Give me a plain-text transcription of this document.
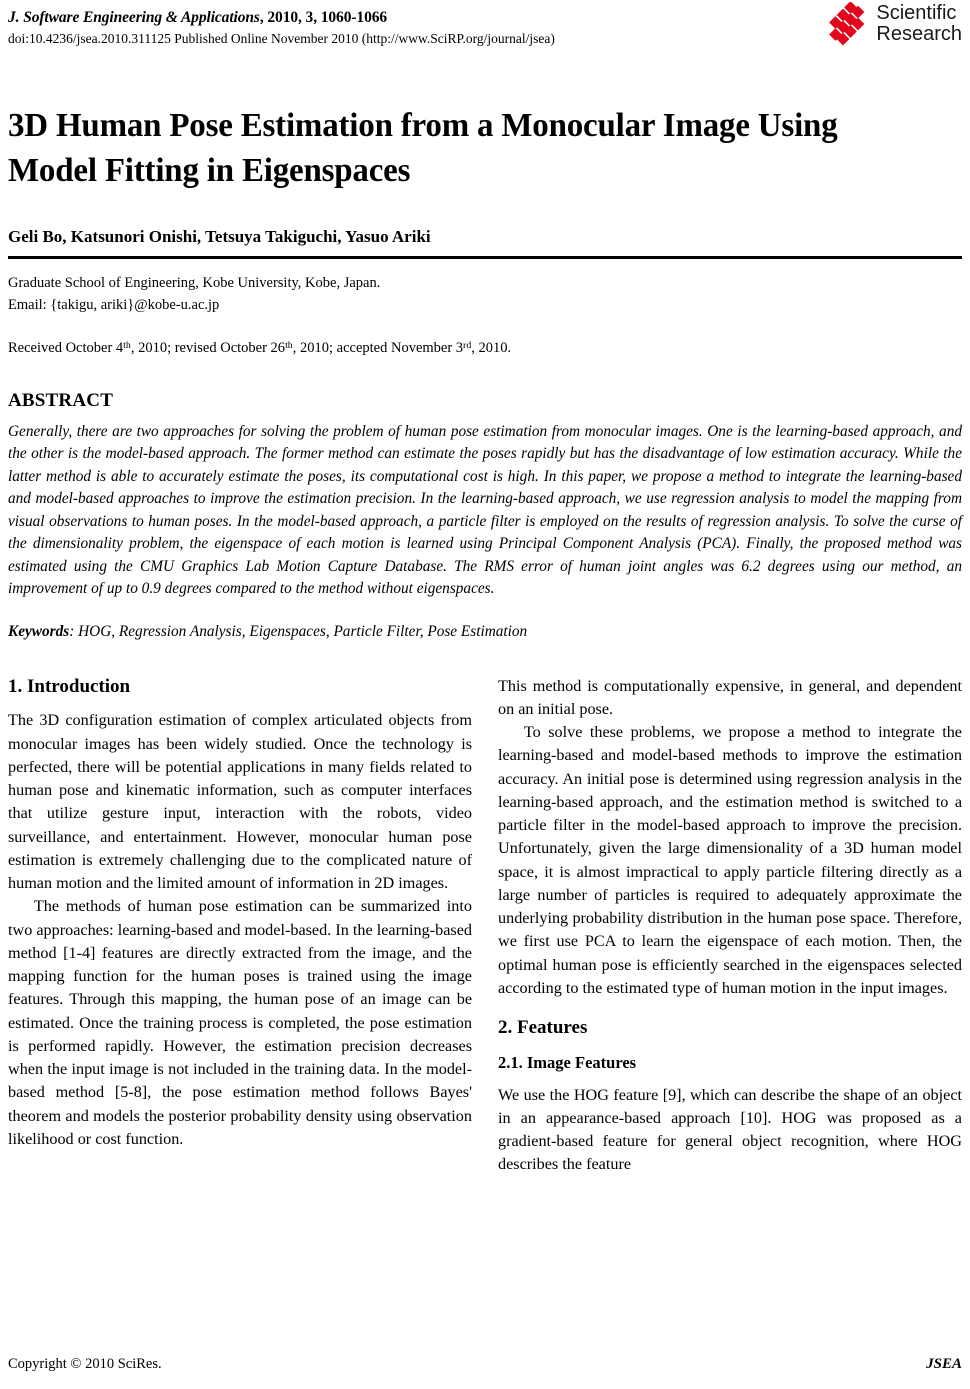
J. Software Engineering & Applications, 2010, 3, 1060-1066
doi:10.4236/jsea.2010.311125 Published Online November 2010 (http://www.SciRP.org/journal/jsea)
Scientific
Research
3D Human Pose Estimation from a Monocular Image Using Model Fitting in Eigenspaces
Geli Bo, Katsunori Onishi, Tetsuya Takiguchi, Yasuo Ariki
Graduate School of Engineering, Kobe University, Kobe, Japan.
Email: {takigu, ariki}@kobe-u.ac.jp
Received October 4th, 2010; revised October 26th, 2010; accepted November 3rd, 2010.
ABSTRACT
Generally, there are two approaches for solving the problem of human pose estimation from monocular images. One is the learning-based approach, and the other is the model-based approach. The former method can estimate the poses rapidly but has the disadvantage of low estimation accuracy. While the latter method is able to accurately estimate the poses, its computational cost is high. In this paper, we propose a method to integrate the learning-based and model-based approaches to improve the estimation precision. In the learning-based approach, we use regression analysis to model the mapping from visual observations to human poses. In the model-based approach, a particle filter is employed on the results of regression analysis. To solve the curse of the dimensionality problem, the eigenspace of each motion is learned using Principal Component Analysis (PCA). Finally, the proposed method was estimated using the CMU Graphics Lab Motion Capture Database. The RMS error of human joint angles was 6.2 degrees using our method, an improvement of up to 0.9 degrees compared to the method without eigenspaces.
Keywords: HOG, Regression Analysis, Eigenspaces, Particle Filter, Pose Estimation
1. Introduction

The 3D configuration estimation of complex articulated objects from monocular images has been widely studied. Once the technology is perfected, there will be potential applications in many fields related to human pose and kinematic information, such as computer interfaces that utilize gesture input, interaction with the robots, video surveillance, and entertainment. However, monocular human pose estimation is extremely challenging due to the complicated nature of human motion and the limited amount of information in 2D images.

The methods of human pose estimation can be summarized into two approaches: learning-based and model-based. In the learning-based method [1-4] features are directly extracted from the image, and the mapping function for the human poses is trained using the image features. Through this mapping, the human pose of an image can be estimated. Once the training process is completed, the pose estimation is performed rapidly. However, the estimation precision decreases when the input image is not included in the training data. In the model-based method [5-8], the pose estimation method follows Bayes' theorem and models the posterior probability density using observation likelihood or cost function.

This method is computationally expensive, in general, and dependent on an initial pose.

To solve these problems, we propose a method to integrate the learning-based and model-based methods to improve the estimation accuracy. An initial pose is determined using regression analysis in the learning-based approach, and the estimation method is switched to a particle filter in the model-based approach to improve the precision. Unfortunately, given the large dimensionality of a 3D human model space, it is almost impractical to apply particle filtering directly as a large number of particles is required to adequately approximate the underlying probability distribution in the human pose space. Therefore, we first use PCA to learn the eigenspace of each motion. Then, the optimal human pose is efficiently searched in the eigenspaces selected according to the estimated type of human motion in the input images.

2. Features
2.1. Image Features

We use the HOG feature [9], which can describe the shape of an object in an appearance-based approach [10]. HOG was proposed as a gradient-based feature for general object recognition, where HOG describes the feature

Copyright © 2010 SciRes.	JSEA
